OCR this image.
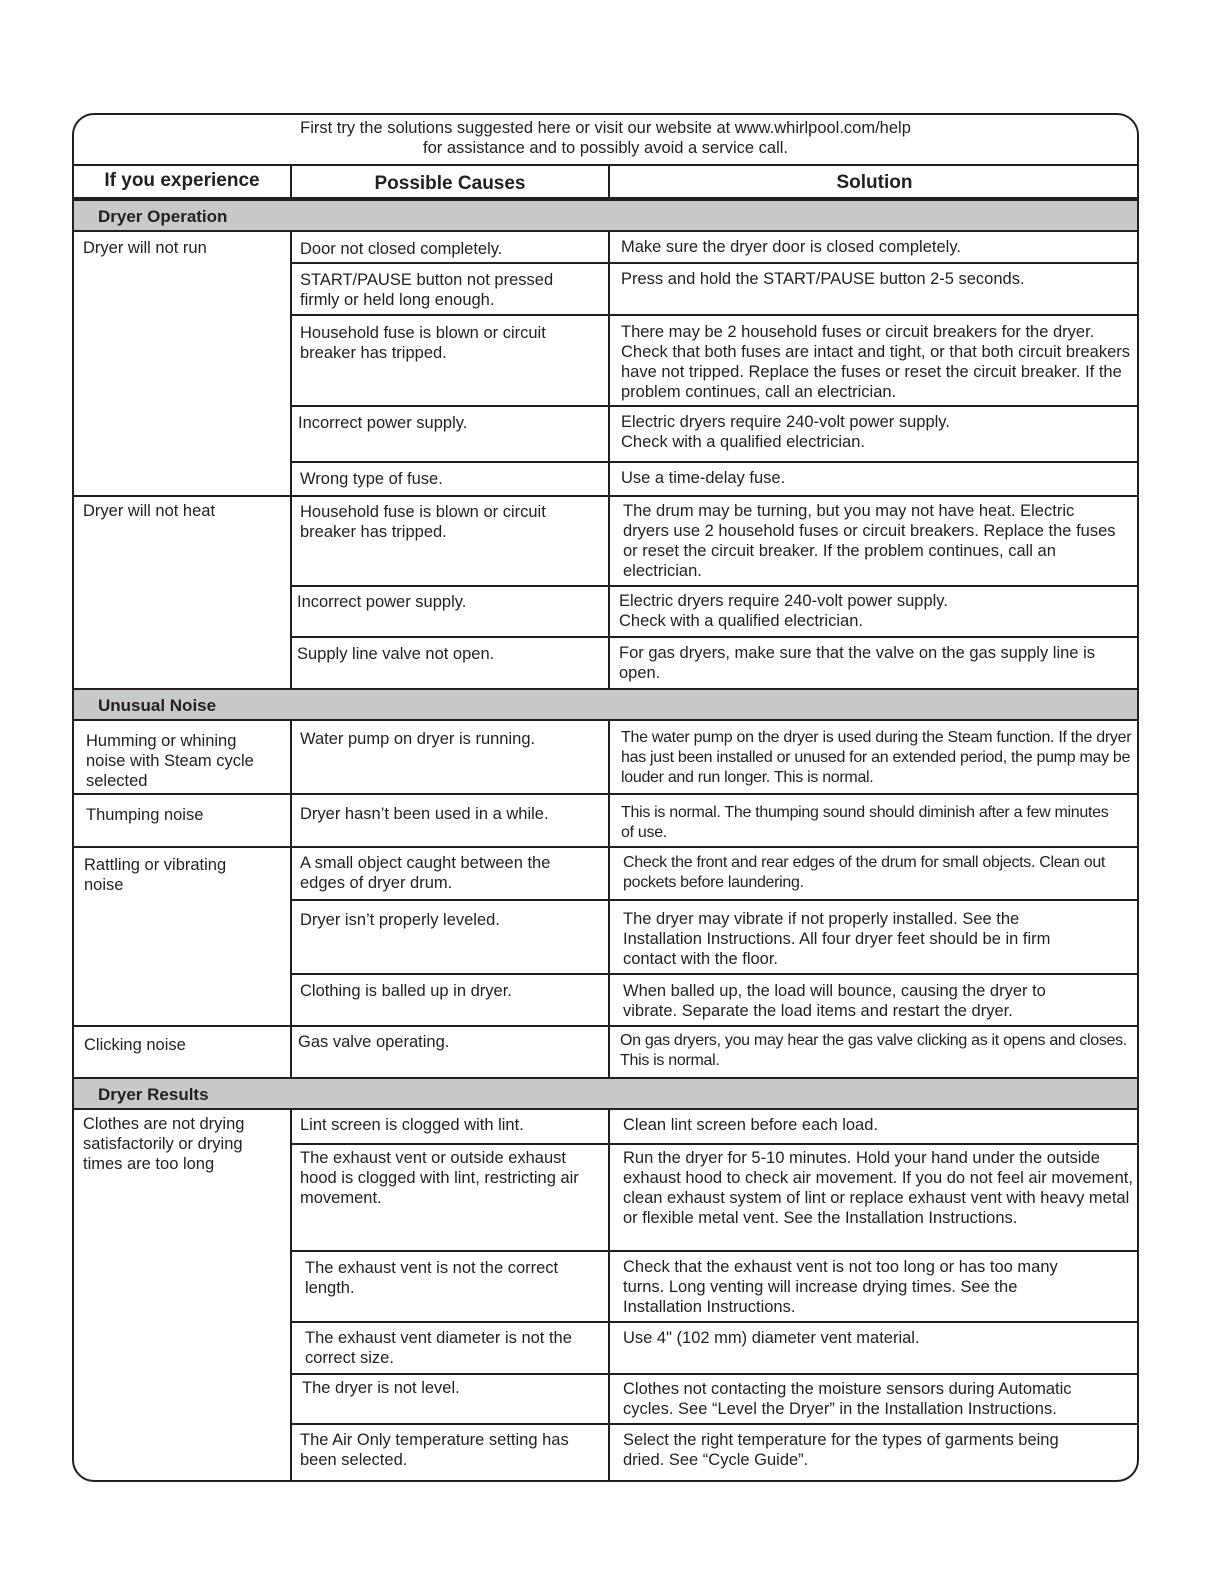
First try the solutions suggested here or visit our website at www.whirlpool.com/help
for assistance and to possibly avoid a service call.
If you experience	Possible Causes	Solution
Dryer Operation
Unusual Noise
Dryer Results
Dryer will not run
Dryer will not heat
Humming or whining noise with Steam cycle selected
Thumping noise
Rattling or vibrating noise
Clicking noise
Clothes are not drying satisfactorily or drying times are too long
Door not closed completely.
START/PAUSE button not pressed firmly or held long enough.
Household fuse is blown or circuit breaker has tripped.
Incorrect power supply.
Wrong type of fuse.
Household fuse is blown or circuit breaker has tripped.
Incorrect power supply.
Supply line valve not open.
Water pump on dryer is running.
Dryer hasn’t been used in a while.
A small object caught between the edges of dryer drum.
Dryer isn’t properly leveled.
Clothing is balled up in dryer.
Gas valve operating.
Lint screen is clogged with lint.
The exhaust vent or outside exhaust hood is clogged with lint, restricting air movement.
The exhaust vent is not the correct length.
The exhaust vent diameter is not the correct size.
The dryer is not level.
The Air Only temperature setting has been selected.
Make sure the dryer door is closed completely.
Press and hold the START/PAUSE button 2-5 seconds.
There may be 2 household fuses or circuit breakers for the dryer. Check that both fuses are intact and tight, or that both circuit breakers have not tripped. Replace the fuses or reset the circuit breaker. If the problem continues, call an electrician.
Electric dryers require 240-volt power supply. Check with a qualified electrician.
Use a time-delay fuse.
The drum may be turning, but you may not have heat. Electric dryers use 2 household fuses or circuit breakers. Replace the fuses or reset the circuit breaker. If the problem continues, call an electrician.
Electric dryers require 240-volt power supply. Check with a qualified electrician.
For gas dryers, make sure that the valve on the gas supply line is open.
The water pump on the dryer is used during the Steam function. If the dryer has just been installed or unused for an extended period, the pump may be louder and run longer. This is normal.
This is normal. The thumping sound should diminish after a few minutes of use.
Check the front and rear edges of the drum for small objects. Clean out pockets before laundering.
The dryer may vibrate if not properly installed. See the Installation Instructions. All four dryer feet should be in firm contact with the floor.
When balled up, the load will bounce, causing the dryer to vibrate. Separate the load items and restart the dryer.
On gas dryers, you may hear the gas valve clicking as it opens and closes. This is normal.
Clean lint screen before each load.
Run the dryer for 5-10 minutes. Hold your hand under the outside exhaust hood to check air movement. If you do not feel air movement, clean exhaust system of lint or replace exhaust vent with heavy metal or flexible metal vent. See the Installation Instructions.
Check that the exhaust vent is not too long or has too many turns. Long venting will increase drying times. See the Installation Instructions.
Use 4" (102 mm) diameter vent material.
Clothes not contacting the moisture sensors during Automatic cycles. See “Level the Dryer” in the Installation Instructions.
Select the right temperature for the types of garments being dried. See “Cycle Guide”.
